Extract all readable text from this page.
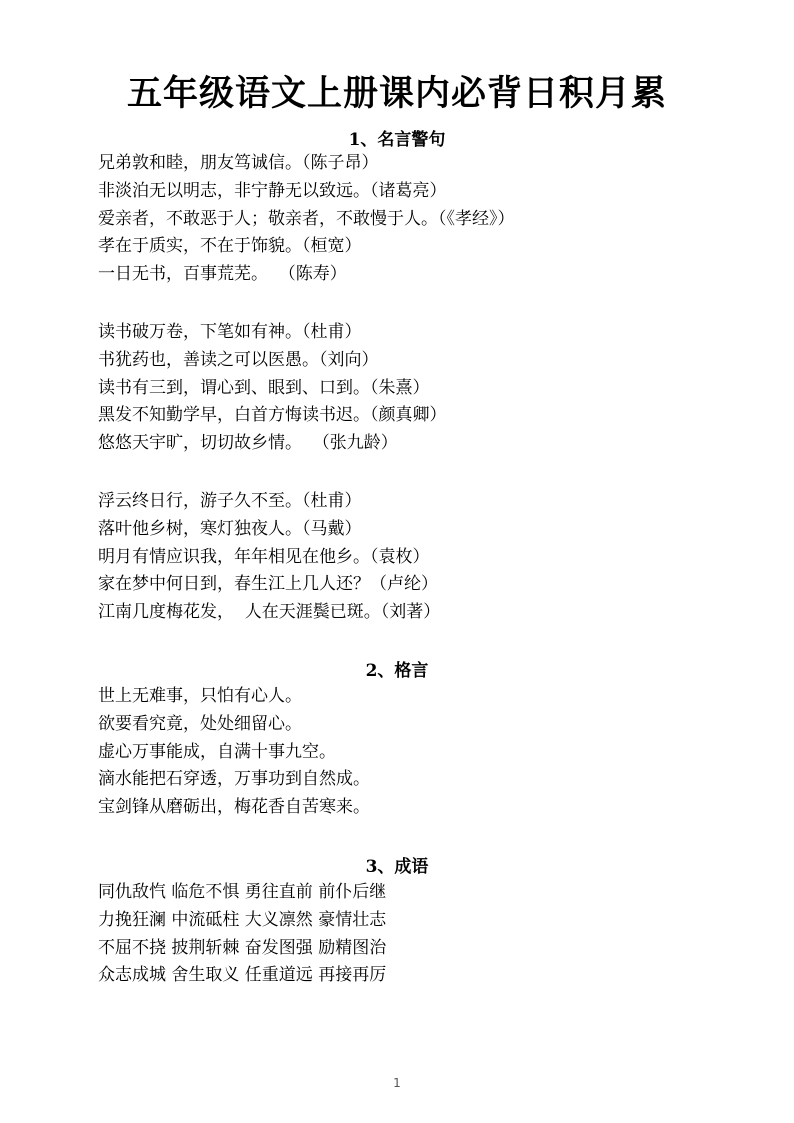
五年级语文上册课内必背日积月累
1、名言警句
兄弟敦和睦，朋友笃诚信。（陈子昂）
非淡泊无以明志，非宁静无以致远。（诸葛亮）
爱亲者，不敢恶于人；敬亲者，不敢慢于人。（《孝经》）
孝在于质实，不在于饰貌。（桓宽）
一日无书，百事荒芜。  （陈寿）
读书破万卷，下笔如有神。（杜甫）
书犹药也，善读之可以医愚。（刘向）
读书有三到，谓心到、眼到、口到。（朱熹）
黑发不知勤学早，白首方悔读书迟。（颜真卿）
悠悠天宇旷，切切故乡情。  （张九龄）
浮云终日行，游子久不至。（杜甫）
落叶他乡树，寒灯独夜人。（马戴）
明月有情应识我，年年相见在他乡。（袁枚）
家在梦中何日到，春生江上几人还？（卢纶）
江南几度梅花发，  人在天涯鬓已斑。（刘著）
2、格言
世上无难事，只怕有心人。
欲要看究竟，处处细留心。
虚心万事能成，自满十事九空。
滴水能把石穿透，万事功到自然成。
宝剑锋从磨砺出，梅花香自苦寒来。
3、成语
同仇敌忾 临危不惧 勇往直前 前仆后继
力挽狂澜 中流砥柱 大义凛然 豪情壮志
不屈不挠 披荆斩棘 奋发图强 励精图治
众志成城 舍生取义 任重道远 再接再厉
1
